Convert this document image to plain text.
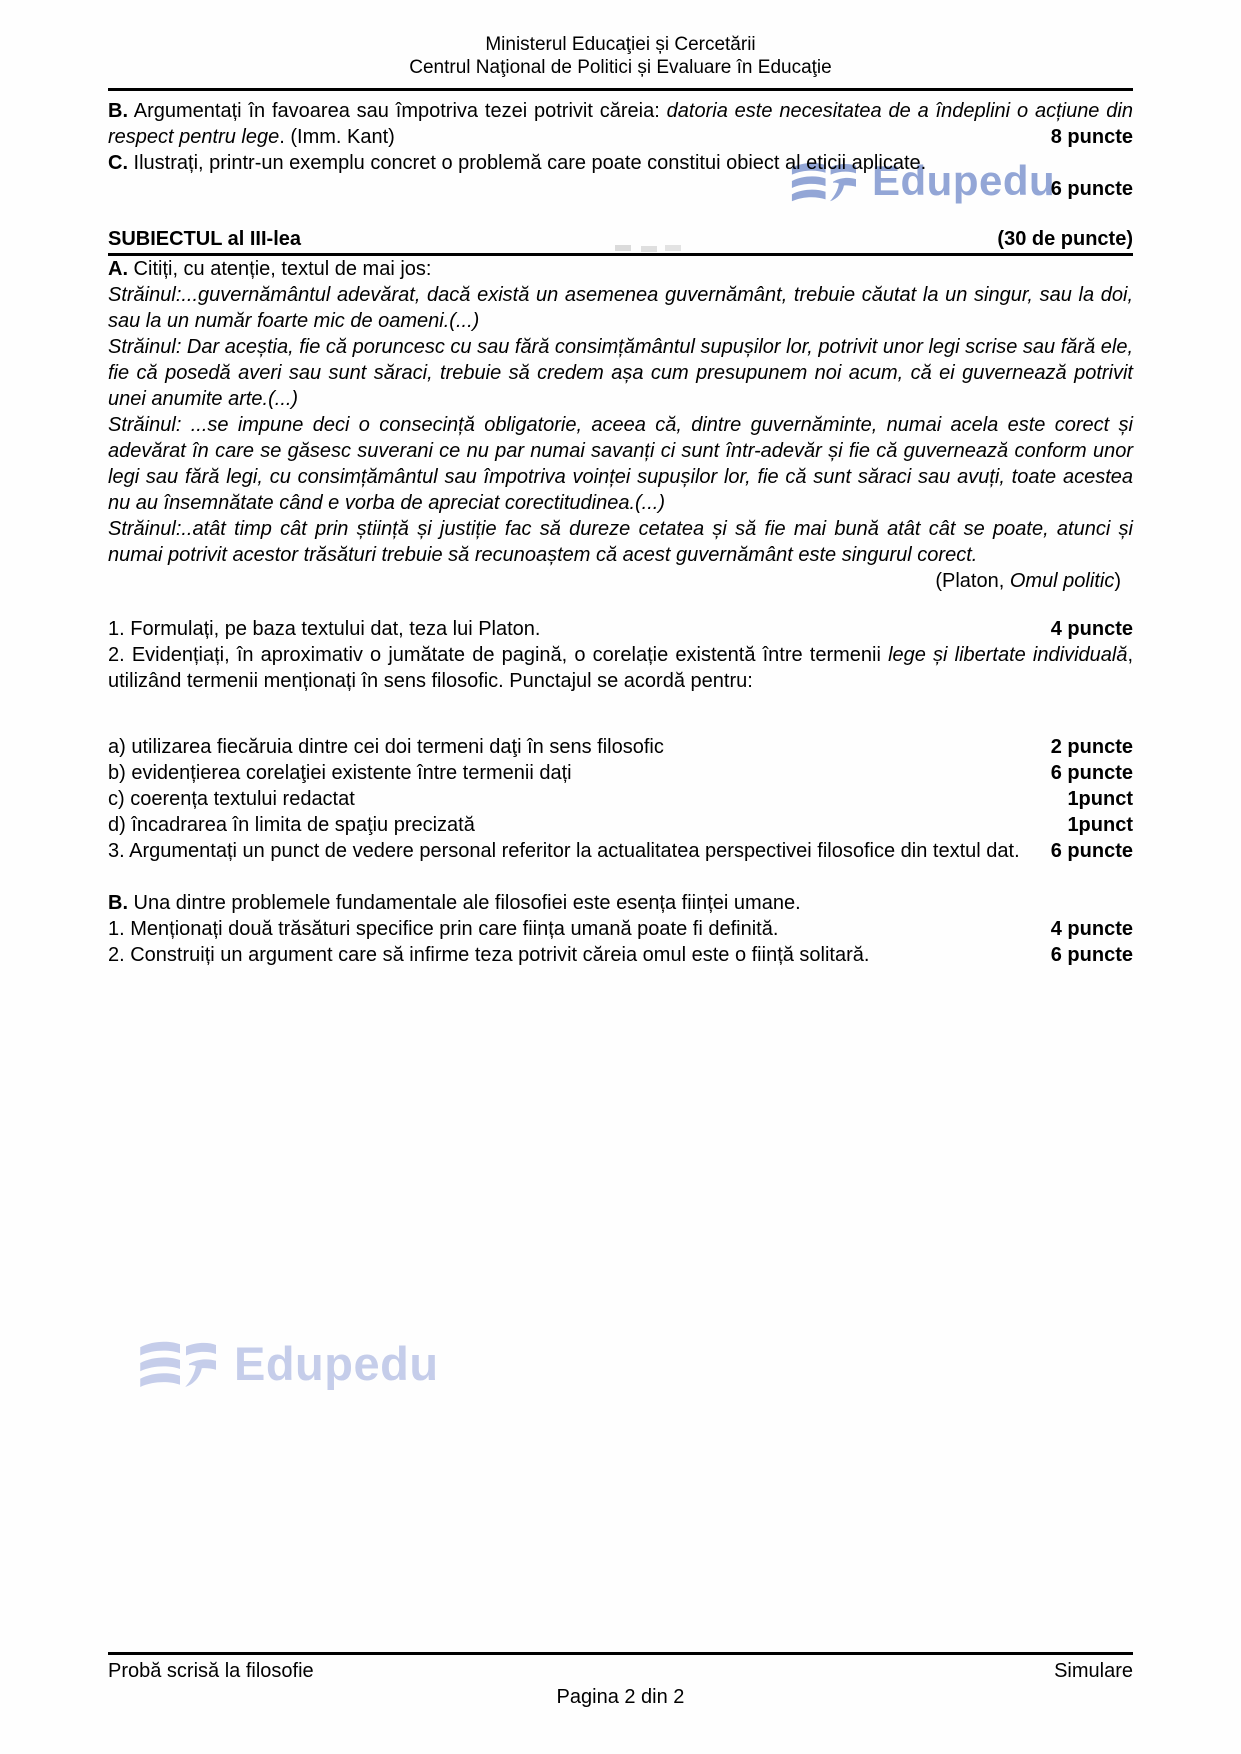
Edupedu
Edupedu
Ministerul Educaţiei și Cercetării
Centrul Naţional de Politici și Evaluare în Educaţie
B. Argumentați în favoarea sau împotriva tezei potrivit căreia: datoria este necesitatea de a îndeplini o acțiune din respect pentru lege. (Imm. Kant)	8 puncte
C. Ilustrați, printr-un exemplu concret o problemă care poate constitui obiect al eticii aplicate.
6 puncte
SUBIECTUL al III-lea	(30 de puncte)
A. Citiți, cu atenție, textul de mai jos:
Străinul:...guvernământul adevărat, dacă există un asemenea guvernământ, trebuie căutat la un singur, sau la doi, sau la un număr foarte mic de oameni.(...)
Străinul: Dar aceștia, fie că poruncesc cu sau fără consimțământul supușilor lor, potrivit unor legi scrise sau fără ele, fie că posedă averi sau sunt săraci, trebuie să credem așa cum presupunem noi acum, că ei guvernează potrivit unei anumite arte.(...)
Străinul: ...se impune deci o consecință obligatorie, aceea că, dintre guvernăminte, numai acela este corect și adevărat în care se găsesc suverani ce nu par numai savanți ci sunt într-adevăr și fie că guvernează conform unor legi sau fără legi, cu consimțământul sau împotriva voinței supușilor lor, fie că sunt săraci sau avuți, toate acestea nu au însemnătate când e vorba de apreciat corectitudinea.(...)
Străinul:..atât timp cât prin știință și justiție fac să dureze cetatea și să fie mai bună atât cât se poate, atunci și numai potrivit acestor trăsături trebuie să recunoaștem că acest guvernământ este singurul corect.
(Platon, Omul politic)
1. Formulați, pe baza textului dat, teza lui Platon.	4 puncte
2. Evidențiați, în aproximativ o jumătate de pagină, o corelație existentă între termenii lege și libertate individuală, utilizând termenii menționați în sens filosofic. Punctajul se acordă pentru:
a) utilizarea fiecăruia dintre cei doi termeni daţi în sens filosofic	2 puncte
b) evidențierea corelaţiei existente între termenii dați	6 puncte
c) coerența textului redactat	1punct
d) încadrarea în limita de spaţiu precizată	1punct
3. Argumentați un punct de vedere personal referitor la actualitatea perspectivei filosofice din textul dat. 6 puncte
B. Una dintre problemele fundamentale ale filosofiei este esența ființei umane.
1. Menționați două trăsături specifice prin care ființa umană poate fi definită.	4 puncte
2. Construiți un argument care să infirme teza potrivit căreia omul este o ființă solitară.	6 puncte
Probă scrisă la filosofie	Simulare
Pagina 2 din 2
